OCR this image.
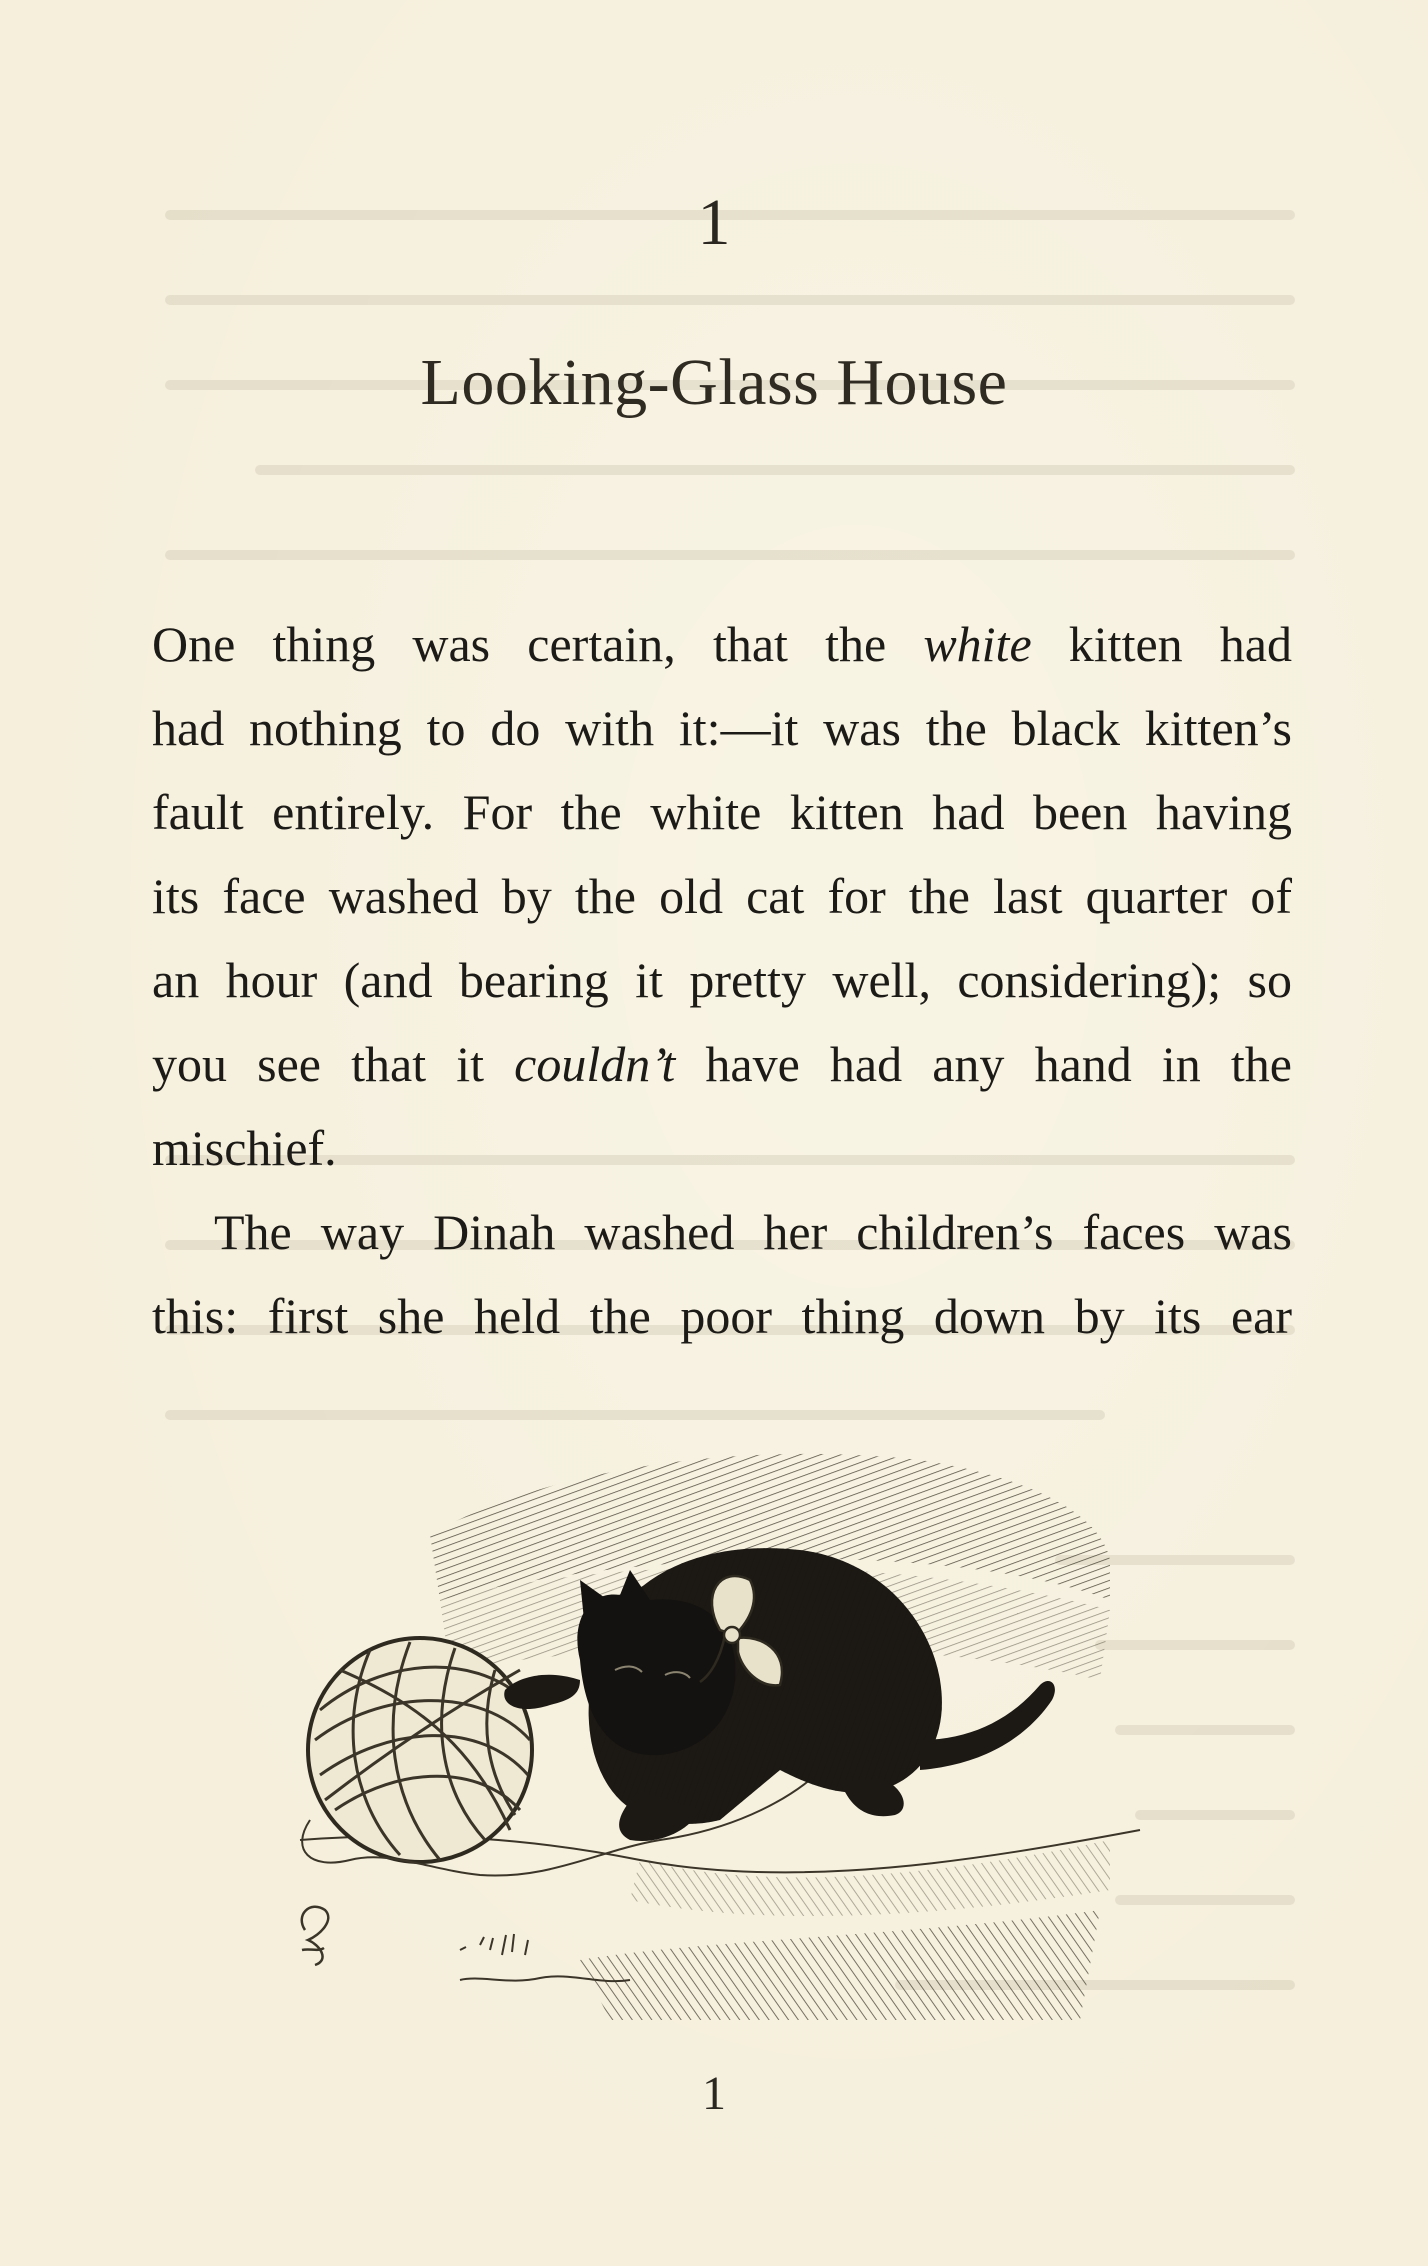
1
Looking-Glass House
One thing was certain, that the white kitten had
had nothing to do with it:—it was the black kitten’s
fault entirely. For the white kitten had been having
its face washed by the old cat for the last quarter of
an hour (and bearing it pretty well, considering); so
you see that it couldn’t have had any hand in the
mischief.
The way Dinah washed her children’s faces was
this: first she held the poor thing down by its ear
1
